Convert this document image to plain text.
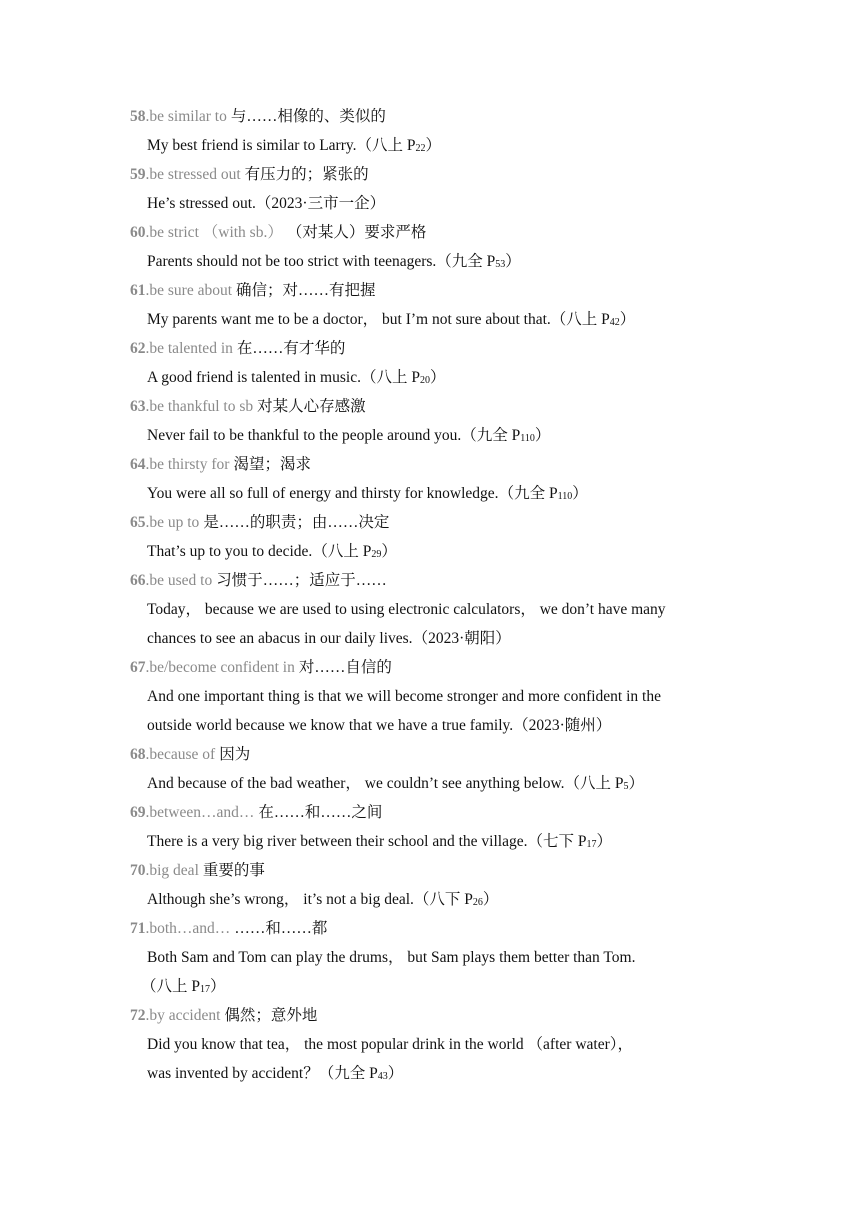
58.be similar to 与……相像的、类似的
My best friend is similar to Larry.（八上 $P_{22}$）
59.be stressed out 有压力的；紧张的
He’s stressed out.（2023·三市一企）
60.be strict （with sb.） （对某人）要求严格
Parents should not be too strict with teenagers.（九全 $P_{53}$）
61.be sure about 确信；对……有把握
My parents want me to be a doctor， but I’m not sure about that.（八上 $P_{42}$）
62.be talented in 在……有才华的
A good friend is talented in music.（八上 $P_{20}$）
63.be thankful to sb 对某人心存感激
Never fail to be thankful to the people around you.（九全 $P_{110}$）
64.be thirsty for 渴望；渴求
You were all so full of energy and thirsty for knowledge.（九全 $P_{110}$）
65.be up to 是……的职责；由……决定
That’s up to you to decide.（八上 $P_{29}$）
66.be used to 习惯于……；适应于……
Today， because we are used to using electronic calculators， we don’t have many
chances to see an abacus in our daily lives.（2023·朝阳）
67.be/become confident in 对……自信的
And one important thing is that we will become stronger and more confident in the
outside world because we know that we have a true family.（2023·随州）
68.because of 因为
And because of the bad weather， we couldn’t see anything below.（八上 $P_5$）
69.between…and… 在……和……之间
There is a very big river between their school and the village.（七下 $P_{17}$）
70.big deal 重要的事
Although she’s wrong， it’s not a big deal.（八下 $P_{26}$）
71.both…and… ……和……都
Both Sam and Tom can play the drums， but Sam plays them better than Tom.
（八上 $P_{17}$）
72.by accident 偶然；意外地
Did you know that tea， the most popular drink in the world （after water），
was invented by accident？（九全 $P_{43}$）
